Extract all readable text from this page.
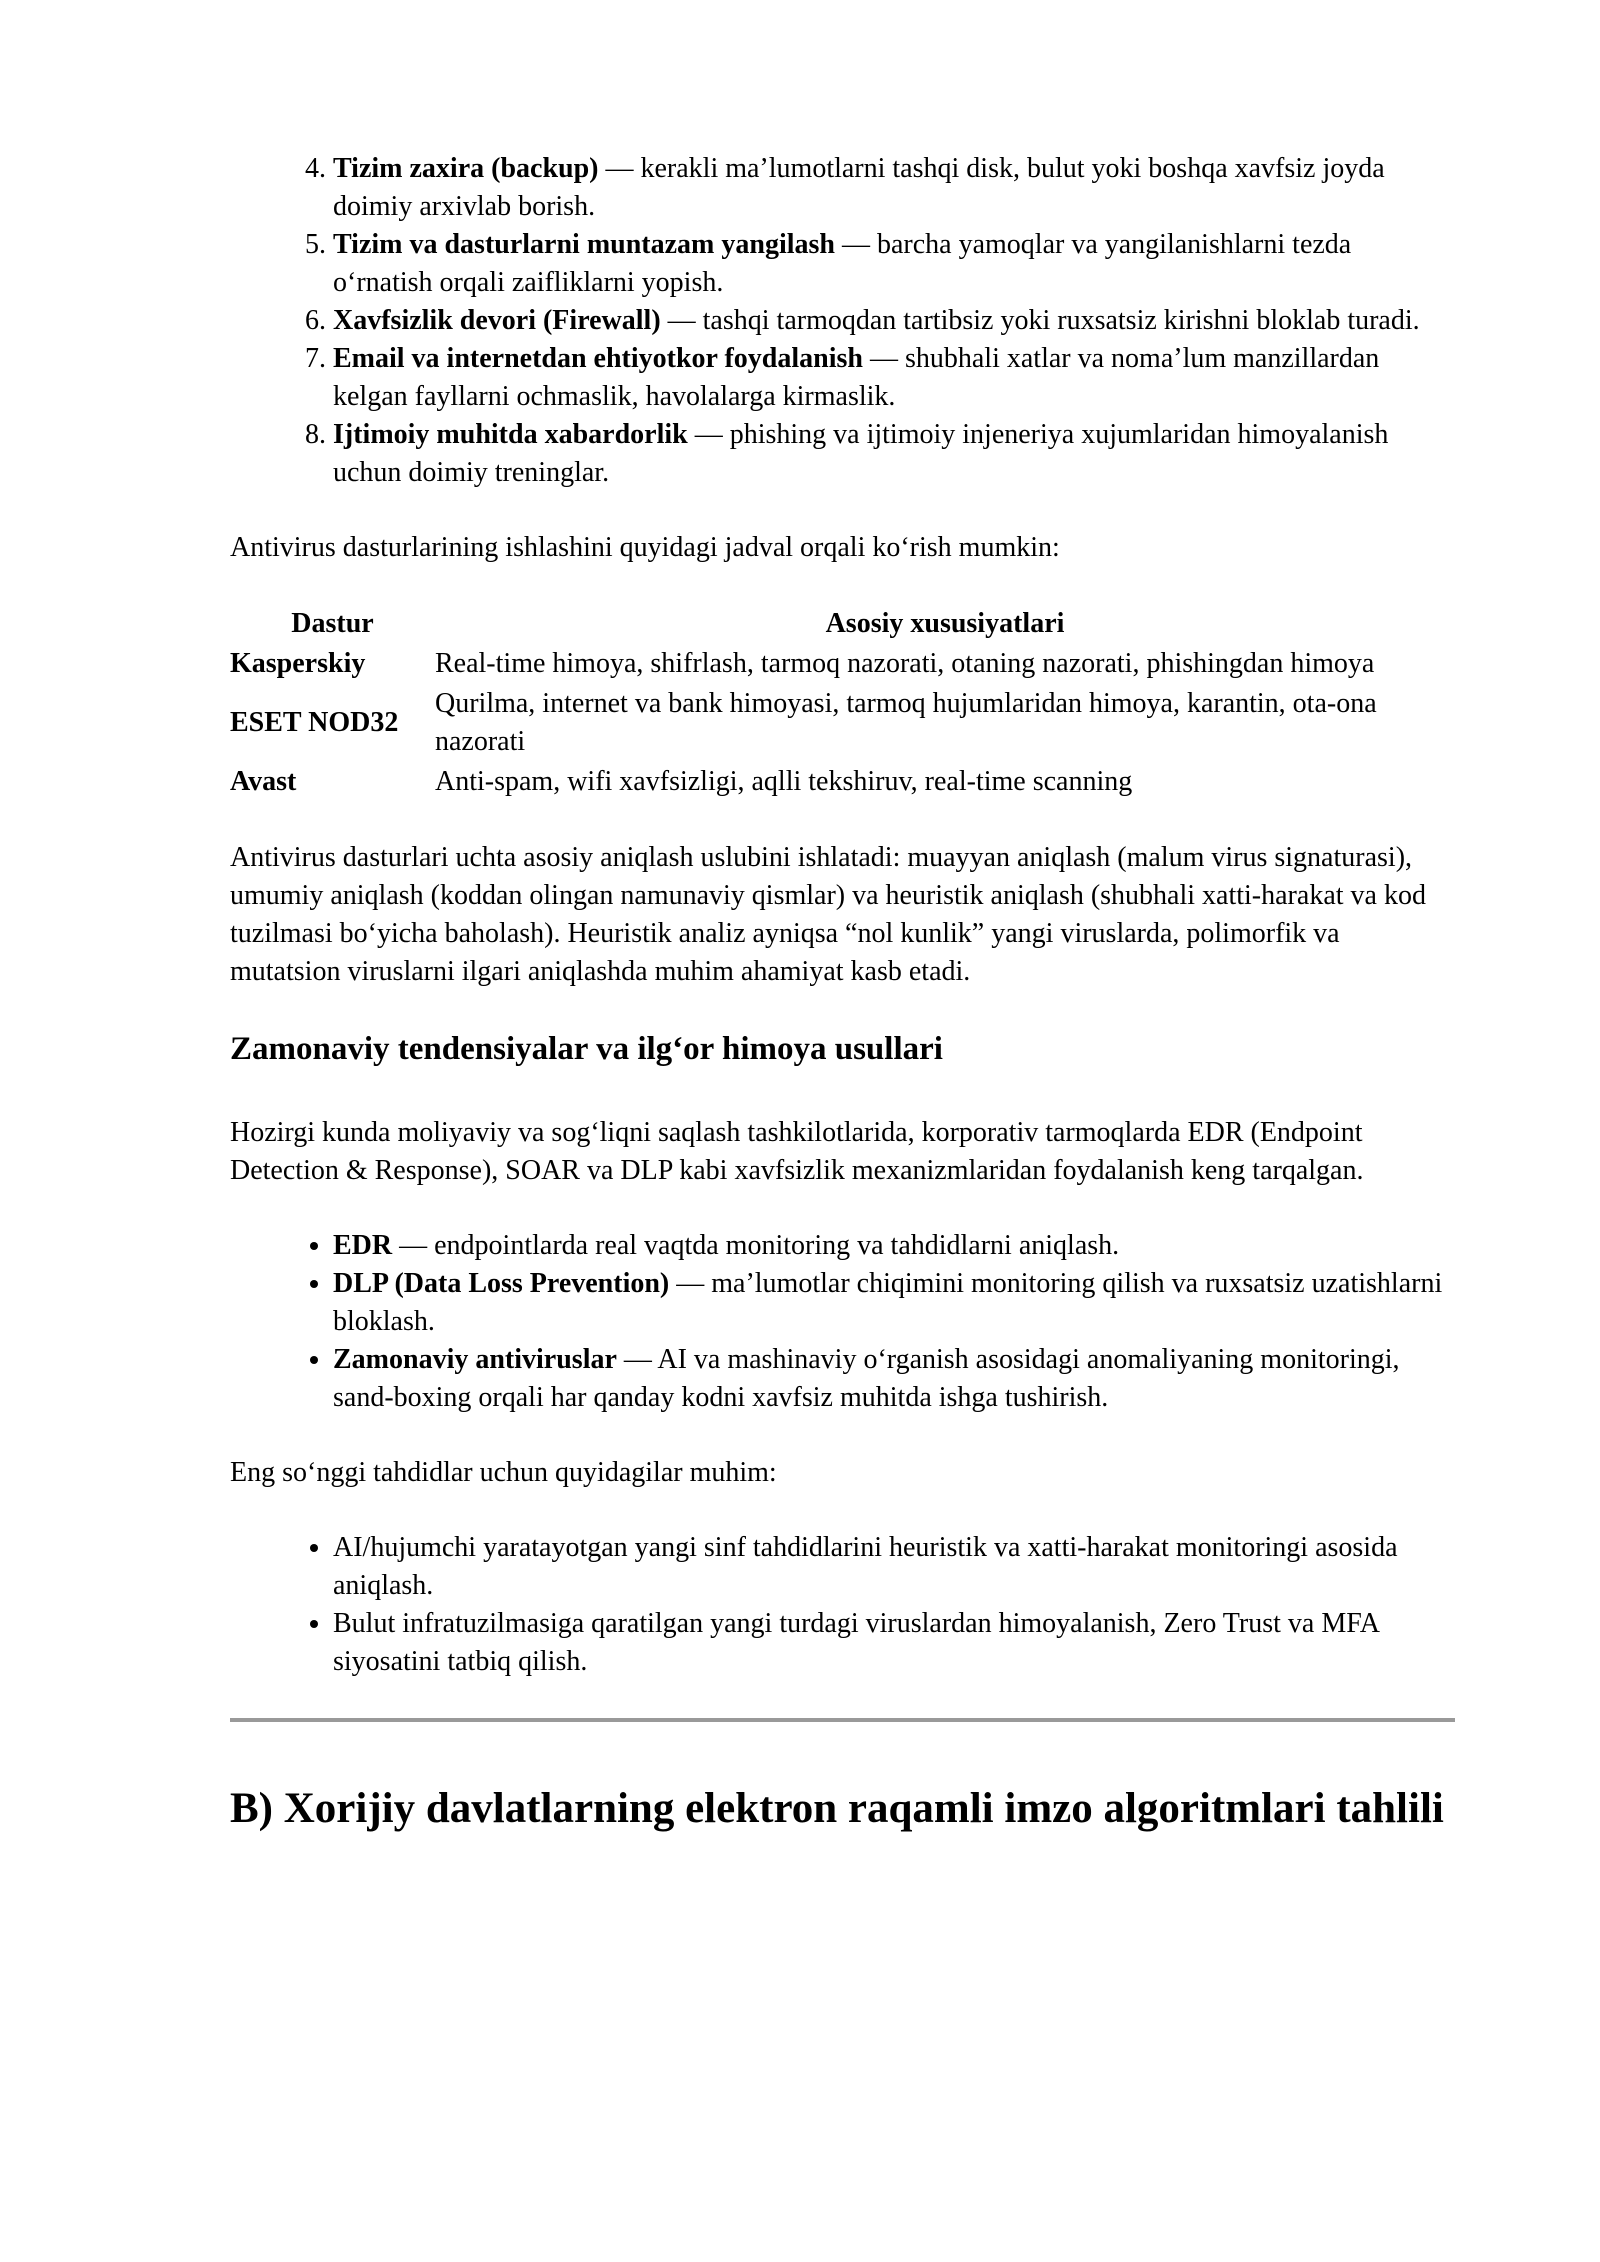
4. Tizim zaxira (backup) — kerakli ma’lumotlarni tashqi disk, bulut yoki boshqa xavfsiz joyda doimiy arxivlab borish.
5. Tizim va dasturlarni muntazam yangilash — barcha yamoqlar va yangilanishlarni tezda oʻrnatish orqali zaifliklarni yopish.
6. Xavfsizlik devori (Firewall) — tashqi tarmoqdan tartibsiz yoki ruxsatsiz kirishni bloklab turadi.
7. Email va internetdan ehtiyotkor foydalanish — shubhali xatlar va noma’lum manzillardan kelgan fayllarni ochmaslik, havolalarga kirmaslik.
8. Ijtimoiy muhitda xabardorlik — phishing va ijtimoiy injeneriya xujumlaridan himoyalanish uchun doimiy treninglar.

Antivirus dasturlarining ishlashini quyidagi jadval orqali koʻrish mumkin:

Dastur	Asosiy xususiyatlari
Kasperskiy	Real-time himoya, shifrlash, tarmoq nazorati, otaning nazorati, phishingdan himoya
ESET NOD32	Qurilma, internet va bank himoyasi, tarmoq hujumlaridan himoya, karantin, ota-ona nazorati
Avast	Anti-spam, wifi xavfsizligi, aqlli tekshiruv, real-time scanning

Antivirus dasturlari uchta asosiy aniqlash uslubini ishlatadi: muayyan aniqlash (malum virus signaturasi), umumiy aniqlash (koddan olingan namunaviy qismlar) va heuristik aniqlash (shubhali xatti-harakat va kod tuzilmasi boʻyicha baholash). Heuristik analiz ayniqsa “nol kunlik” yangi viruslarda, polimorfik va mutatsion viruslarni ilgari aniqlashda muhim ahamiyat kasb etadi.

Zamonaviy tendensiyalar va ilgʻor himoya usullari

Hozirgi kunda moliyaviy va sogʻliqni saqlash tashkilotlarida, korporativ tarmoqlarda EDR (Endpoint Detection & Response), SOAR va DLP kabi xavfsizlik mexanizmlaridan foydalanish keng tarqalgan.

• EDR — endpointlarda real vaqtda monitoring va tahdidlarni aniqlash.
• DLP (Data Loss Prevention) — ma’lumotlar chiqimini monitoring qilish va ruxsatsiz uzatishlarni bloklash.
• Zamonaviy antiviruslar — AI va mashinaviy oʻrganish asosidagi anomaliyaning monitoringi, sand-boxing orqali har qanday kodni xavfsiz muhitda ishga tushirish.

Eng soʻnggi tahdidlar uchun quyidagilar muhim:

• AI/hujumchi yaratayotgan yangi sinf tahdidlarini heuristik va xatti-harakat monitoringi asosida aniqlash.
• Bulut infratuzilmasiga qaratilgan yangi turdagi viruslardan himoyalanish, Zero Trust va MFA siyosatini tatbiq qilish.
B) Xorijiy davlatlarning elektron raqamli imzo algoritmlari tahlili
